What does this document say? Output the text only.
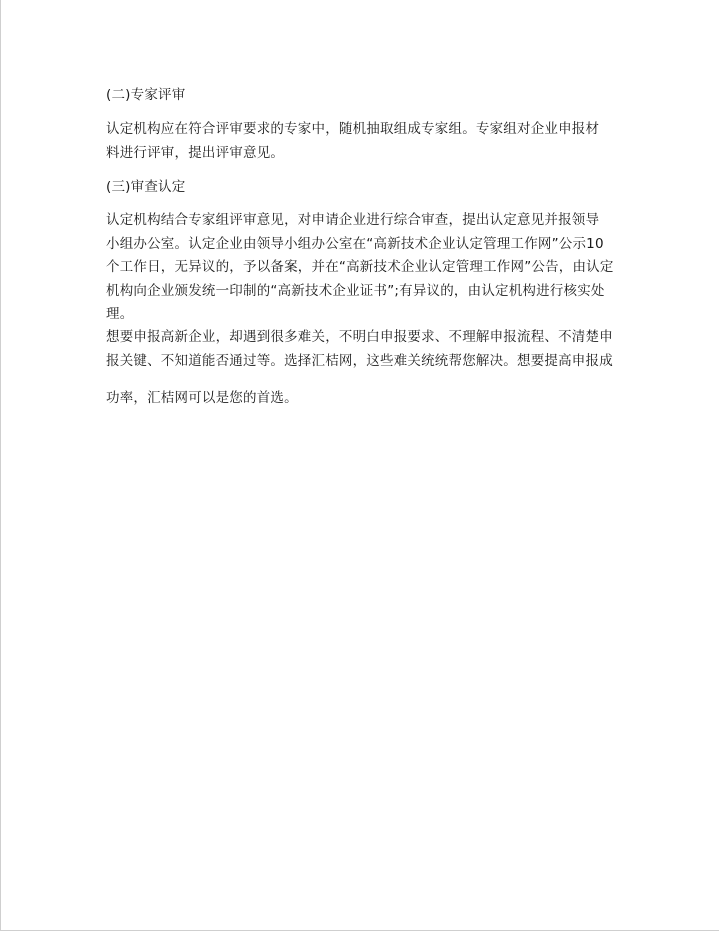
(二)专家评审
认定机构应在符合评审要求的专家中，随机抽取组成专家组。专家组对企业申报材
料进行评审，提出评审意见。
(三)审查认定
认定机构结合专家组评审意见，对申请企业进行综合审查，提出认定意见并报领导
小组办公室。认定企业由领导小组办公室在“高新技术企业认定管理工作网”公示10
个工作日，无异议的，予以备案，并在“高新技术企业认定管理工作网”公告，由认定
机构向企业颁发统一印制的“高新技术企业证书”;有异议的，由认定机构进行核实处
理。
想要申报高新企业，却遇到很多难关，不明白申报要求、不理解申报流程、不清楚申
报关键、不知道能否通过等。选择汇桔网，这些难关统统帮您解决。想要提高申报成
功率，汇桔网可以是您的首选。
